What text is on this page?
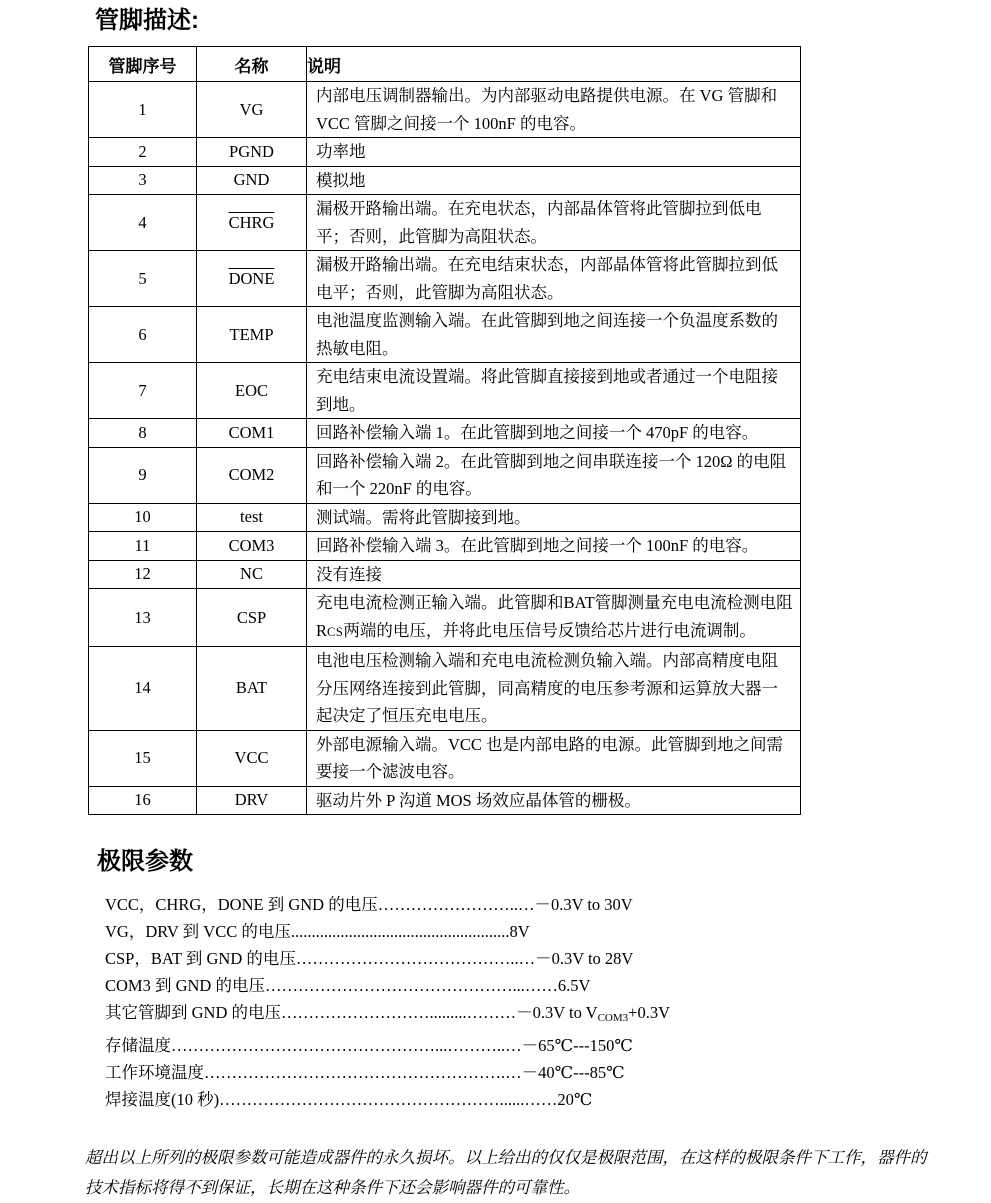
管脚描述:
管脚序号	名称	说明
1	VG	内部电压调制器输出。为内部驱动电路提供电源。在 VG 管脚和 VCC 管脚之间接一个 100nF 的电容。
2	PGND	功率地
3	GND	模拟地
4	CHRG	漏极开路输出端。在充电状态，内部晶体管将此管脚拉到低电平；否则，此管脚为高阻状态。
5	DONE	漏极开路输出端。在充电结束状态，内部晶体管将此管脚拉到低电平；否则，此管脚为高阻状态。
6	TEMP	电池温度监测输入端。在此管脚到地之间连接一个负温度系数的热敏电阻。
7	EOC	充电结束电流设置端。将此管脚直接接到地或者通过一个电阻接到地。
8	COM1	回路补偿输入端 1。在此管脚到地之间接一个 470pF 的电容。
9	COM2	回路补偿输入端 2。在此管脚到地之间串联连接一个 120Ω 的电阻和一个 220nF 的电容。
10	test	测试端。需将此管脚接到地。
11	COM3	回路补偿输入端 3。在此管脚到地之间接一个 100nF 的电容。
12	NC	没有连接
13	CSP	充电电流检测正输入端。此管脚和BAT管脚测量充电电流检测电阻RCS两端的电压，并将此电压信号反馈给芯片进行电流调制。
14	BAT	电池电压检测输入端和充电电流检测负输入端。内部高精度电阻分压网络连接到此管脚，同高精度的电压参考源和运算放大器一起决定了恒压充电电压。
15	VCC	外部电源输入端。VCC 也是内部电路的电源。此管脚到地之间需要接一个滤波电容。
16	DRV	驱动片外 P 沟道 MOS 场效应晶体管的栅极。
极限参数
VCC，CHRG，DONE 到 GND 的电压……………………..…－0.3V to 30V
VG，DRV 到 VCC 的电压.....................................................8V
CSP，BAT 到 GND 的电压…………………………………..…－0.3V to 28V
COM3 到 GND 的电压………………………………………...……6.5V
其它管脚到 GND 的电压……………………….........………－0.3V to $V_{COM3}+0.3V$
存储温度…………………………………………...………..…－65℃---150℃
工作环境温度……………………………………………….…－40℃---85℃
焊接温度(10 秒)……………………………………………......……20℃

超出以上所列的极限参数可能造成器件的永久损坏。以上给出的仅仅是极限范围，在这样的极限条件下工作，器件的技术指标将得不到保证，长期在这种条件下还会影响器件的可靠性。
